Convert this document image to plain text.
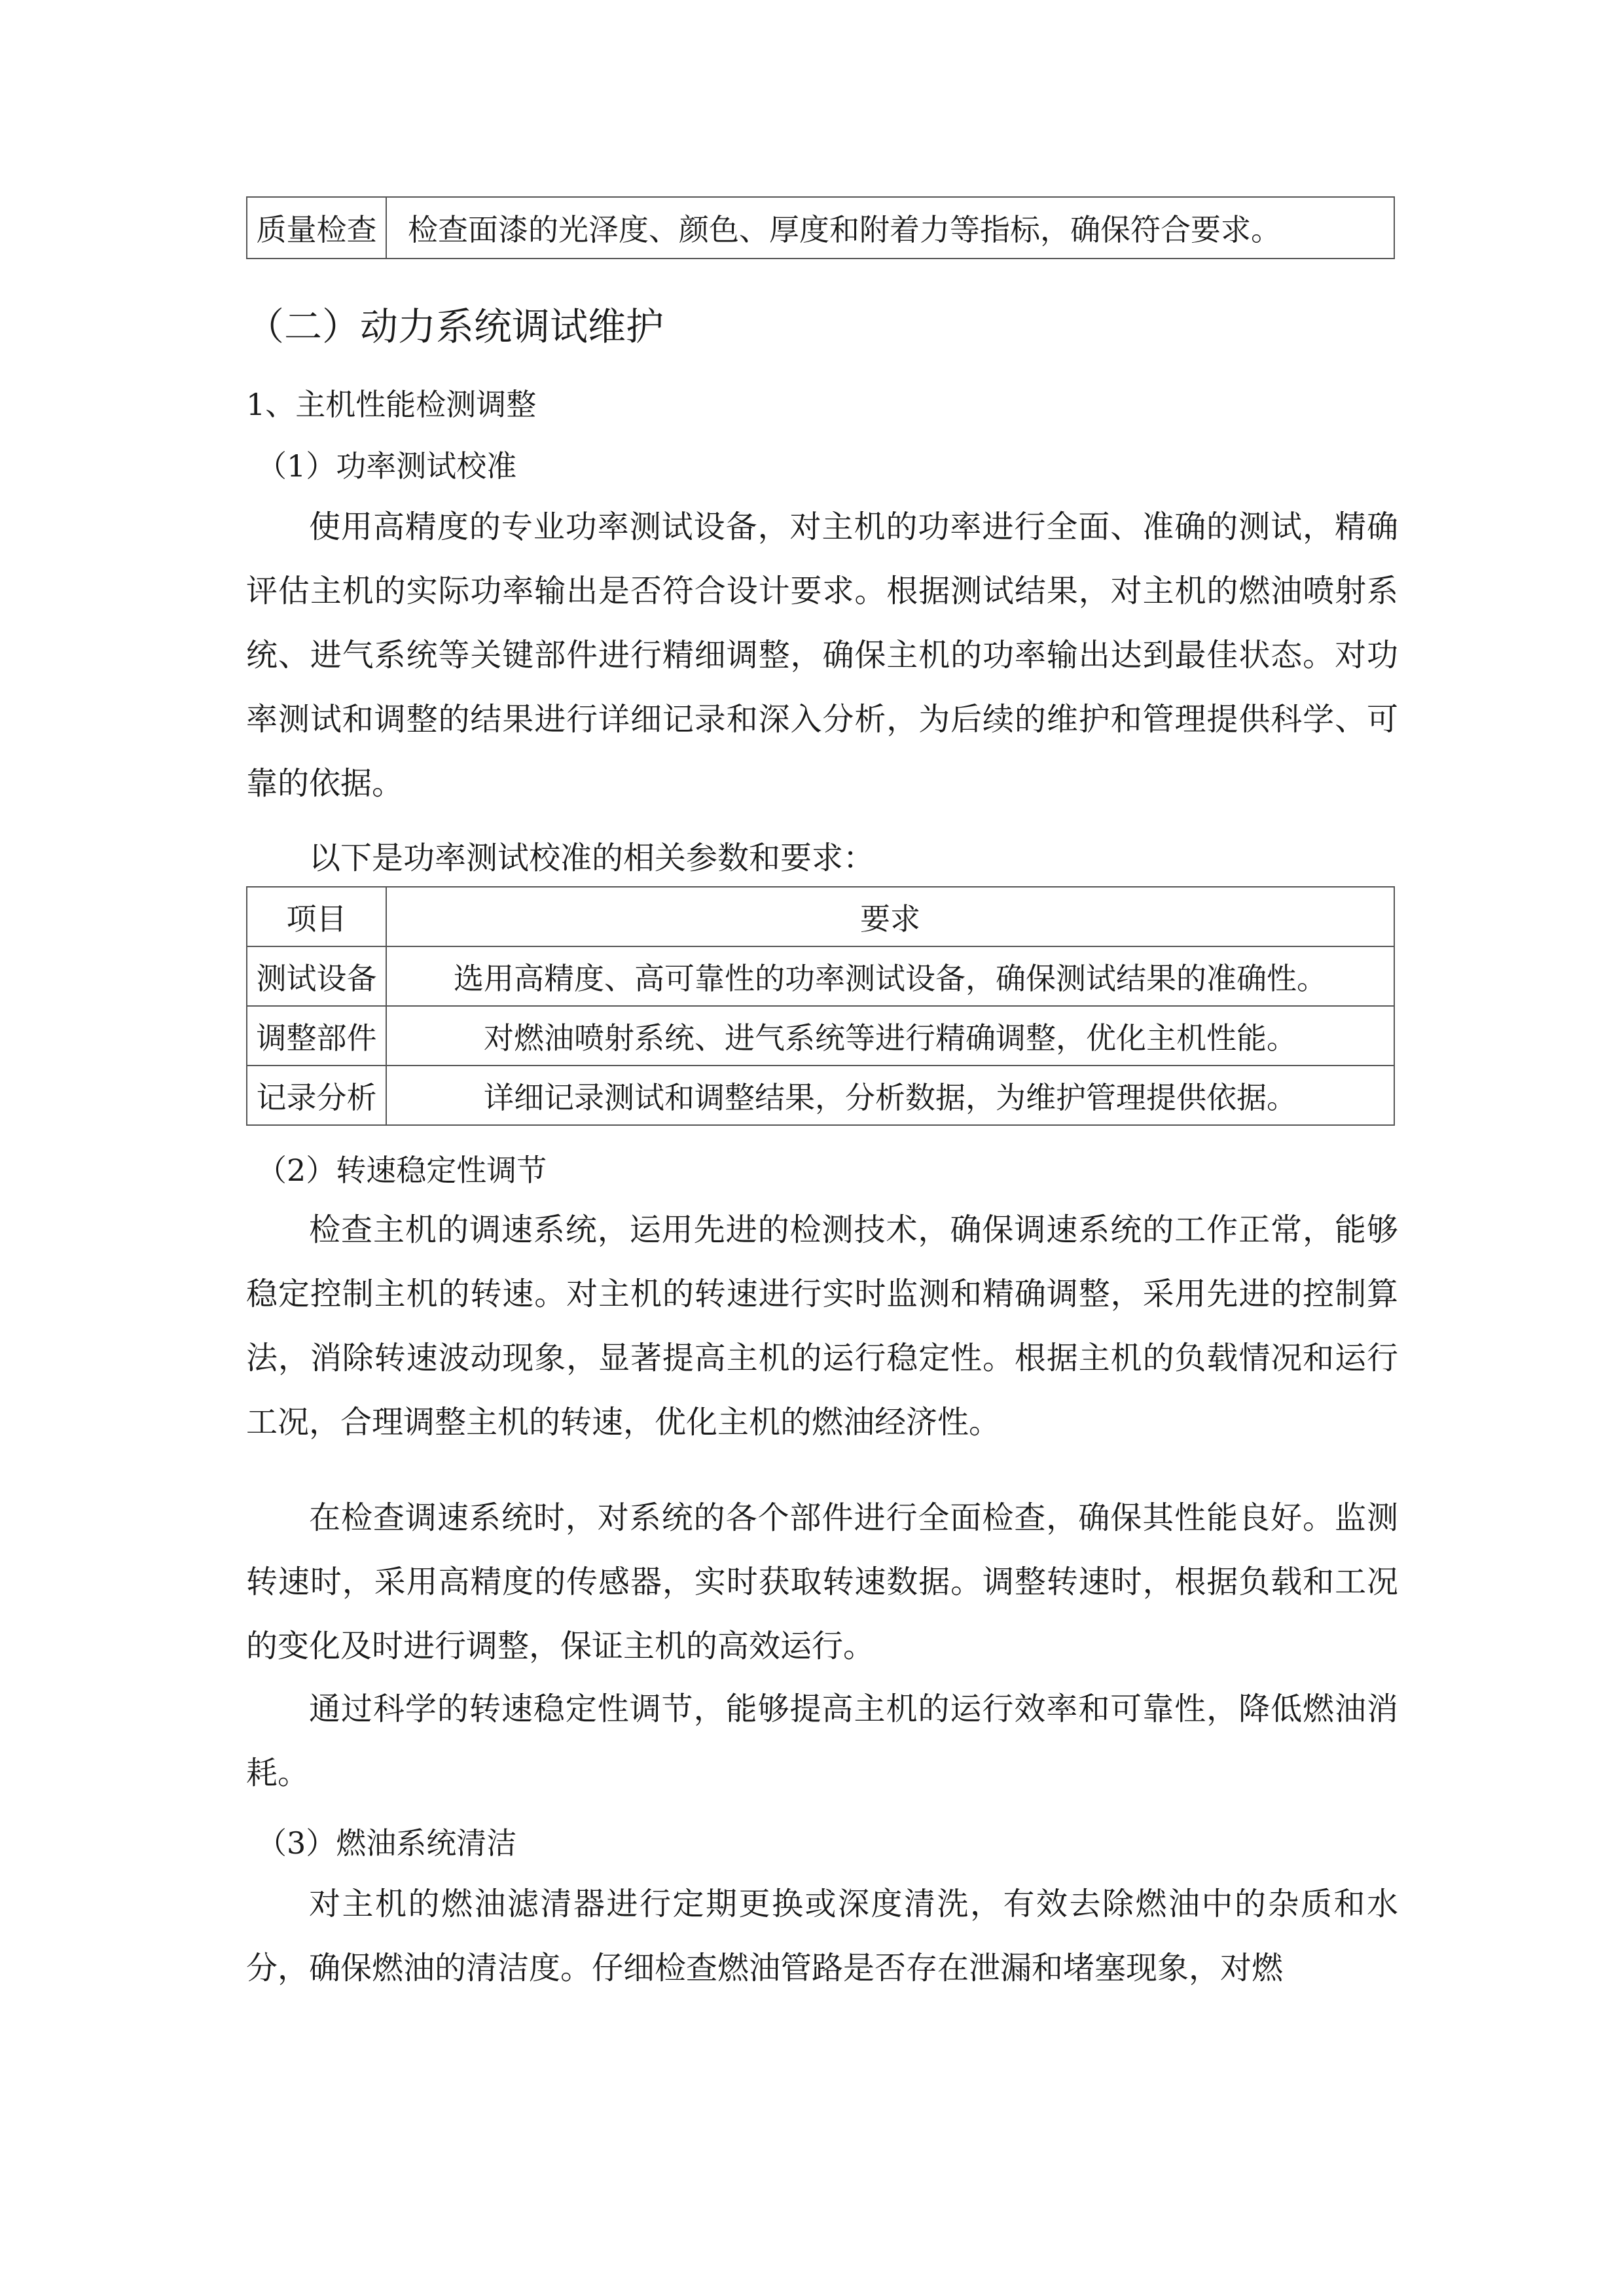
质量检查	检查面漆的光泽度、颜色、厚度和附着力等指标，确保符合要求。
（二）动力系统调试维护
1、主机性能检测调整
（1）功率测试校准

使用高精度的专业功率测试设备，对主机的功率进行全面、准确的测试，精确评估主机的实际功率输出是否符合设计要求。根据测试结果，对主机的燃油喷射系统、进气系统等关键部件进行精细调整，确保主机的功率输出达到最佳状态。对功率测试和调整的结果进行详细记录和深入分析，为后续的维护和管理提供科学、可靠的依据。

以下是功率测试校准的相关参数和要求：
项目	要求
测试设备	选用高精度、高可靠性的功率测试设备，确保测试结果的准确性。
调整部件	对燃油喷射系统、进气系统等进行精确调整，优化主机性能。
记录分析	详细记录测试和调整结果，分析数据，为维护管理提供依据。
（2）转速稳定性调节

检查主机的调速系统，运用先进的检测技术，确保调速系统的工作正常，能够稳定控制主机的转速。对主机的转速进行实时监测和精确调整，采用先进的控制算法，消除转速波动现象，显著提高主机的运行稳定性。根据主机的负载情况和运行工况，合理调整主机的转速，优化主机的燃油经济性。

在检查调速系统时，对系统的各个部件进行全面检查，确保其性能良好。监测转速时，采用高精度的传感器，实时获取转速数据。调整转速时，根据负载和工况的变化及时进行调整，保证主机的高效运行。

通过科学的转速稳定性调节，能够提高主机的运行效率和可靠性，降低燃油消耗。

（3）燃油系统清洁

对主机的燃油滤清器进行定期更换或深度清洗，有效去除燃油中的杂质和水分，确保燃油的清洁度。仔细检查燃油管路是否存在泄漏和堵塞现象，对燃
